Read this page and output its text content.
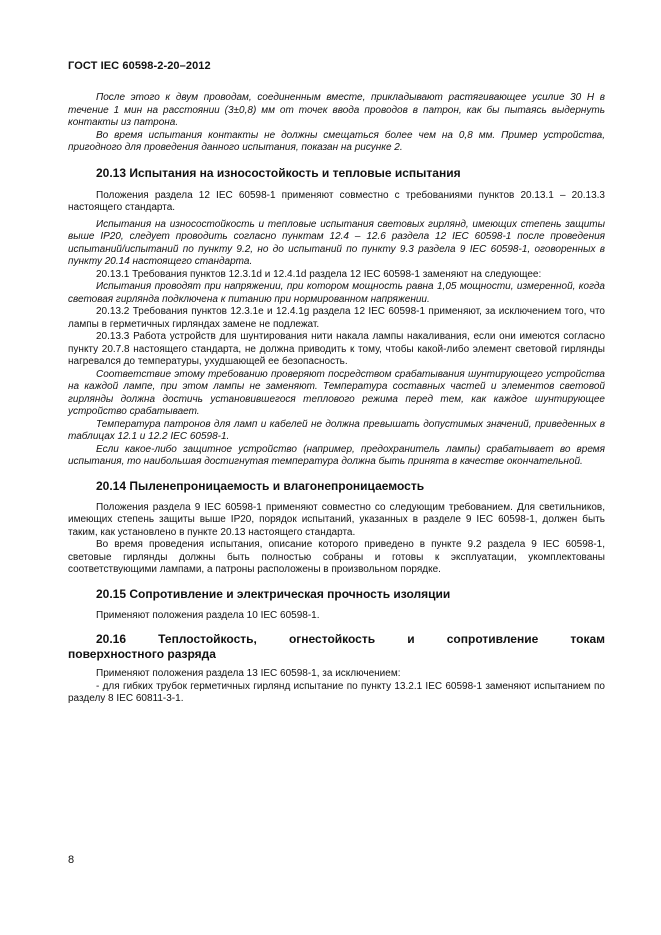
ГОСТ IEC 60598-2-20–2012

После этого к двум проводам, соединенным вместе, прикладывают растягивающее усилие 30 Н в течение 1 мин на расстоянии (3±0,8) мм от точек ввода проводов в патрон, как бы пытаясь выдернуть контакты из патрона.

Во время испытания контакты не должны смещаться более чем на 0,8 мм. Пример устройства, пригодного для проведения данного испытания, показан на рисунке 2.

20.13 Испытания на износостойкость и тепловые испытания

Положения раздела 12 IEC 60598-1 применяют совместно с требованиями пунктов 20.13.1 – 20.13.3 настоящего стандарта.

Испытания на износостойкость и тепловые испытания световых гирлянд, имеющих степень защиты выше IP20, следует проводить согласно пунктам 12.4 – 12.6 раздела 12 IEC 60598-1 после проведения испытаний/испытаний по пункту 9.2, но до испытаний по пункту 9.3 раздела 9 IEC 60598-1, оговоренных в пункту 20.14 настоящего стандарта.

20.13.1 Требования пунктов 12.3.1d и 12.4.1d раздела 12 IEC 60598-1 заменяют на следующее:

Испытания проводят при напряжении, при котором мощность равна 1,05 мощности, измеренной, когда световая гирлянда подключена к питанию при нормированном напряжении.

20.13.2 Требования пунктов 12.3.1e и 12.4.1g раздела 12 IEC 60598-1 применяют, за исключением того, что лампы в герметичных гирляндах замене не подлежат.

20.13.3 Работа устройств для шунтирования нити накала лампы накаливания, если они имеются согласно пункту 20.7.8 настоящего стандарта, не должна приводить к тому, чтобы какой-либо элемент световой гирлянды нагревался до температуры, ухудшающей ее безопасность.

Соответствие этому требованию проверяют посредством срабатывания шунтирующего устройства на каждой лампе, при этом лампы не заменяют. Температура составных частей и элементов световой гирлянды должна достичь установившегося теплового режима перед тем, как каждое шунтирующее устройство срабатывает.

Температура патронов для ламп и кабелей не должна превышать допустимых значений, приведенных в таблицах 12.1 и 12.2 IEC 60598-1.

Если какое-либо защитное устройство (например, предохранитель лампы) срабатывает во время испытания, то наибольшая достигнутая температура должна быть принята в качестве окончательной.

20.14 Пыленепроницаемость и влагонепроницаемость

Положения раздела 9 IEC 60598-1 применяют совместно со следующим требованием. Для светильников, имеющих степень защиты выше IP20, порядок испытаний, указанных в разделе 9 IEC 60598-1, должен быть таким, как установлено в пункте 20.13 настоящего стандарта.

Во время проведения испытания, описание которого приведено в пункте 9.2 раздела 9 IEC 60598-1, световые гирлянды должны быть полностью собраны и готовы к эксплуатации, укомплектованы соответствующими лампами, а патроны расположены в произвольном порядке.

20.15 Сопротивление и электрическая прочность изоляции

Применяют положения раздела 10 IEC 60598-1.

20.16	Теплостойкость,	огнестойкость	и	сопротивление	токам
поверхностного разряда

Применяют положения раздела 13 IEC 60598-1, за исключением:

- для гибких трубок герметичных гирлянд испытание по пункту 13.2.1 IEC 60598-1 заменяют испытанием по разделу 8 IEC 60811-3-1.

8
